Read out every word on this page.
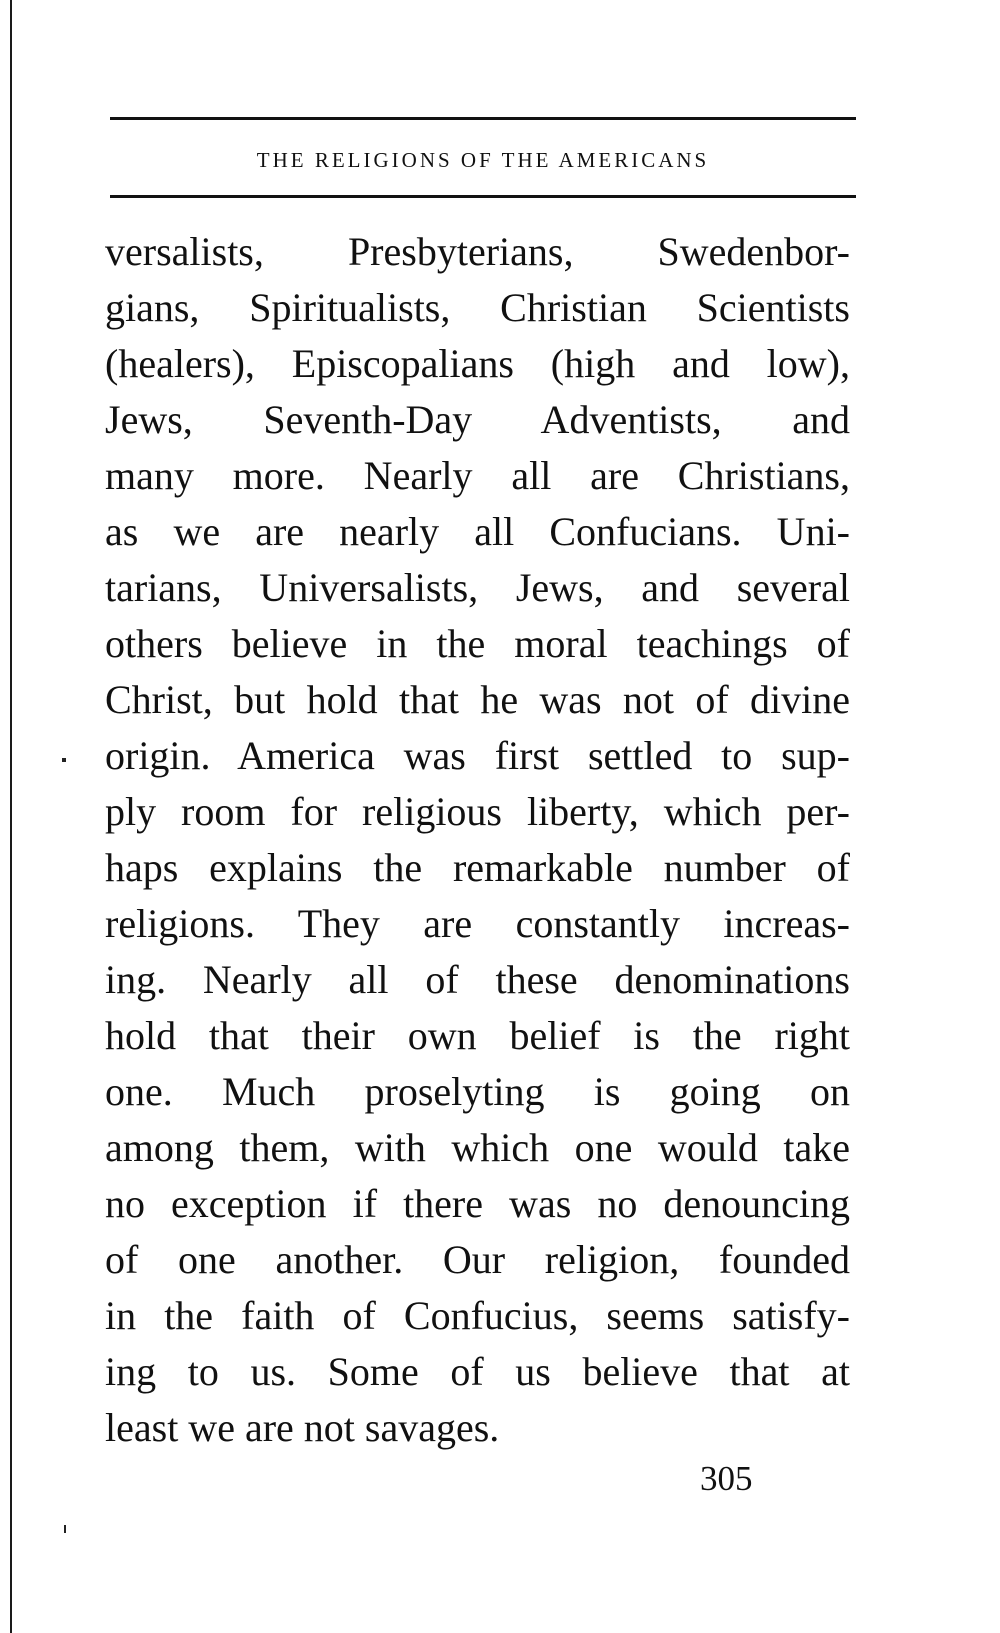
THE RELIGIONS OF THE AMERICANS
versalists, Presbyterians, Swedenbor-
gians, Spiritualists, Christian Scientists
(healers), Episcopalians (high and low),
Jews, Seventh-Day Adventists, and
many more. Nearly all are Christians,
as we are nearly all Confucians. Uni-
tarians, Universalists, Jews, and several
others believe in the moral teachings of
Christ, but hold that he was not of divine
origin. America was first settled to sup-
ply room for religious liberty, which per-
haps explains the remarkable number of
religions. They are constantly increas-
ing. Nearly all of these denominations
hold that their own belief is the right
one. Much proselyting is going on
among them, with which one would take
no exception if there was no denouncing
of one another. Our religion, founded
in the faith of Confucius, seems satisfy-
ing to us. Some of us believe that at
least we are not savages.
305
